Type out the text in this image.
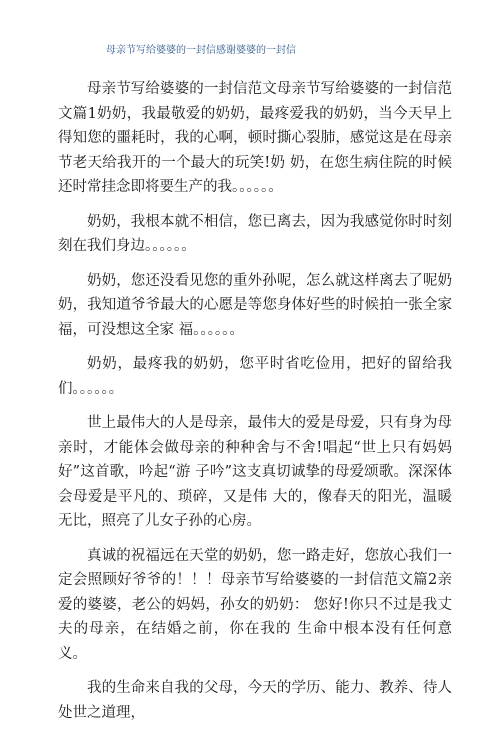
母亲节写给婆婆的一封信感谢婆婆的一封信

母亲节写给婆婆的一封信范文母亲节写给婆婆的一封信范文篇1奶奶，我最敬爱的奶奶，最疼爱我的奶奶，当今天早上得知您的噩耗时，我的心啊，顿时撕心裂肺，感觉这是在母亲节老天给我开的一个最大的玩笑!奶 奶，在您生病住院的时候还时常挂念即将要生产的我。。。。。。

奶奶，我根本就不相信，您已离去，因为我感觉你时时刻刻在我们身边。。。。。。

奶奶，您还没看见您的重外孙呢，怎么就这样离去了呢奶奶，我知道爷爷最大的心愿是等您身体好些的时候拍一张全家福，可没想这全家 福。。。。。。

奶奶，最疼我的奶奶，您平时省吃俭用，把好的留给我们。。。。。。

世上最伟大的人是母亲，最伟大的爱是母爱，只有身为母亲时，才能体会做母亲的种种舍与不舍!唱起“世上只有妈妈好”这首歌，吟起“游 子吟”这支真切诚挚的母爱颂歌。深深体会母爱是平凡的、琐碎，又是伟 大的，像春天的阳光，温暖无比，照亮了儿女子孙的心房。

真诚的祝福远在天堂的奶奶，您一路走好，您放心我们一定会照顾好爷爷的！！！母亲节写给婆婆的一封信范文篇2亲爱的婆婆，老公的妈妈，孙女的奶奶： 您好!你只不过是我丈夫的母亲，在结婚之前，你在我的 生命中根本没有任何意义。

我的生命来自我的父母，今天的学历、能力、教养、待人处世之道理，
